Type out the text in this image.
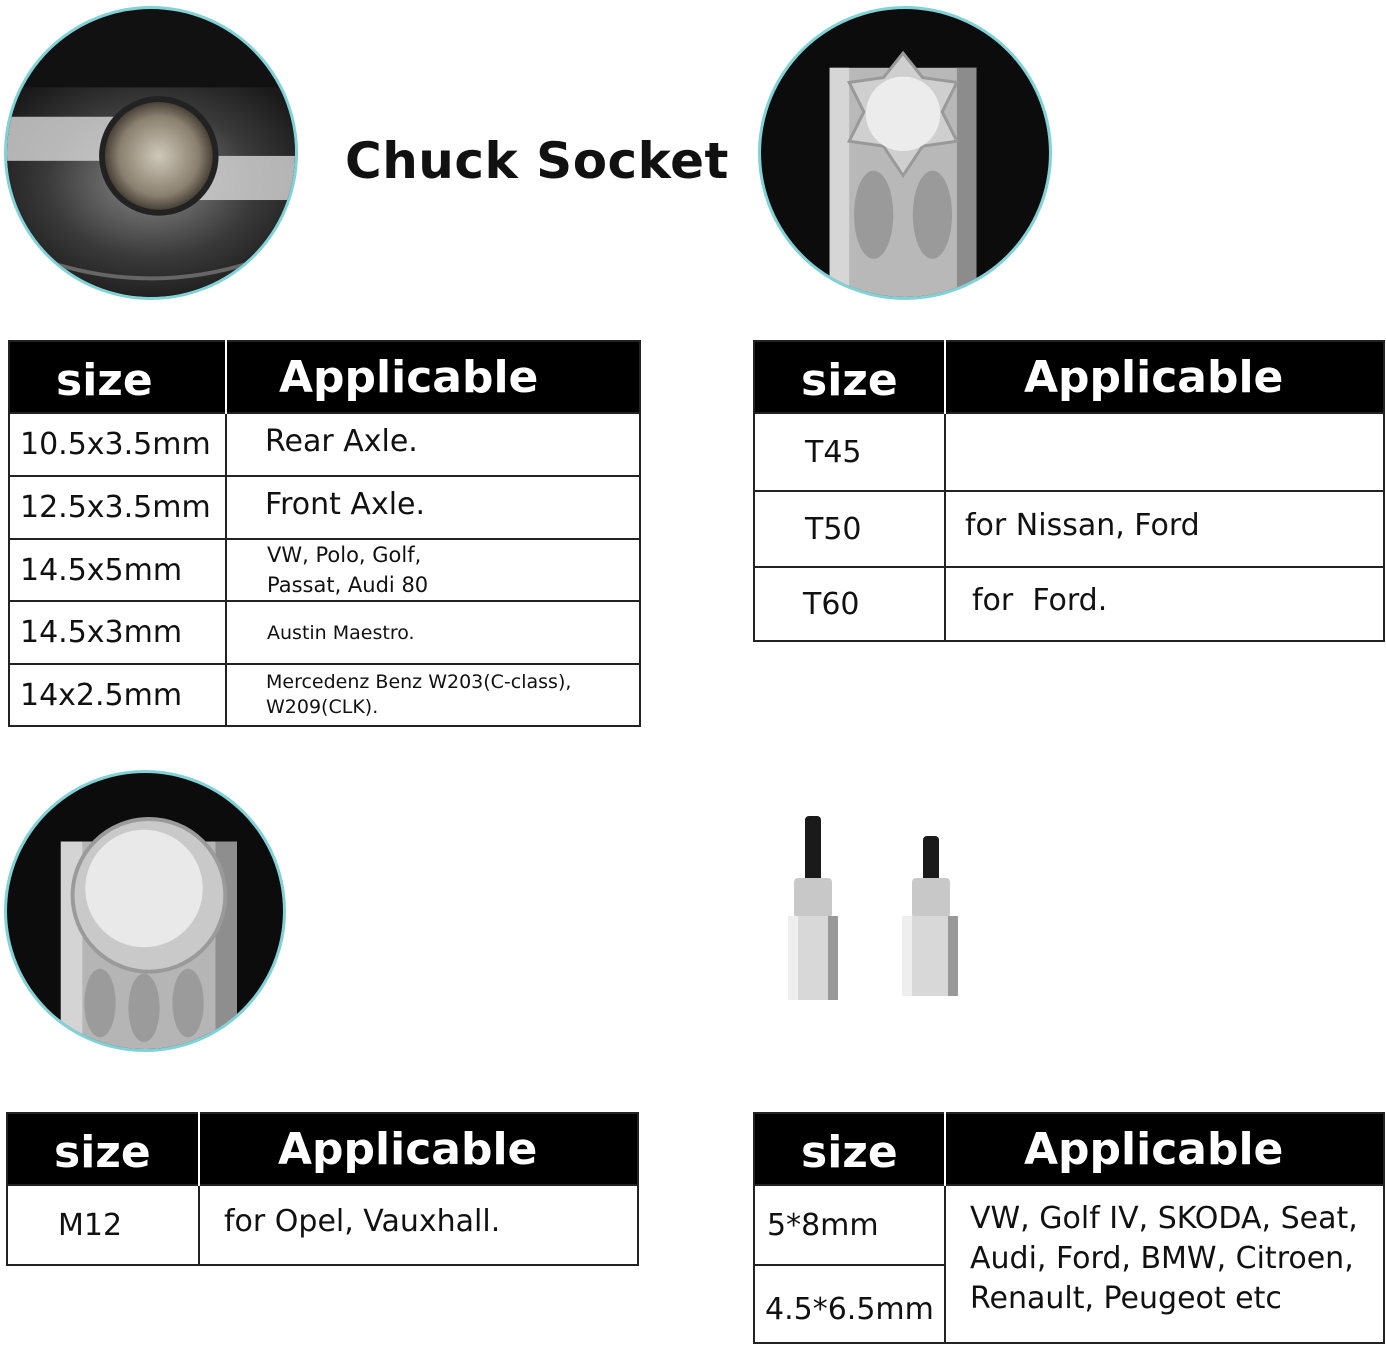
Chuck Socket
size	Applicable
10.5x3.5mm	Rear Axle.
12.5x3.5mm	Front Axle.
14.5x5mm	VW, Polo, Golf,
Passat, Audi 80

14.5x3mm	Austin Maestro.
14x2.5mm	Mercedenz Benz W203(C-class),
W209(CLK).
size	Applicable
T45	
T50	for Nissan, Ford
T60	for  Ford.
size	Applicable
M12	for Opel, Vauxhall.
size	Applicable
5*8mm	VW, Golf IV, SKODA, Seat,
Audi, Ford, BMW, Citroen,
Renault, Peugeot etc

4.5*6.5mm	
